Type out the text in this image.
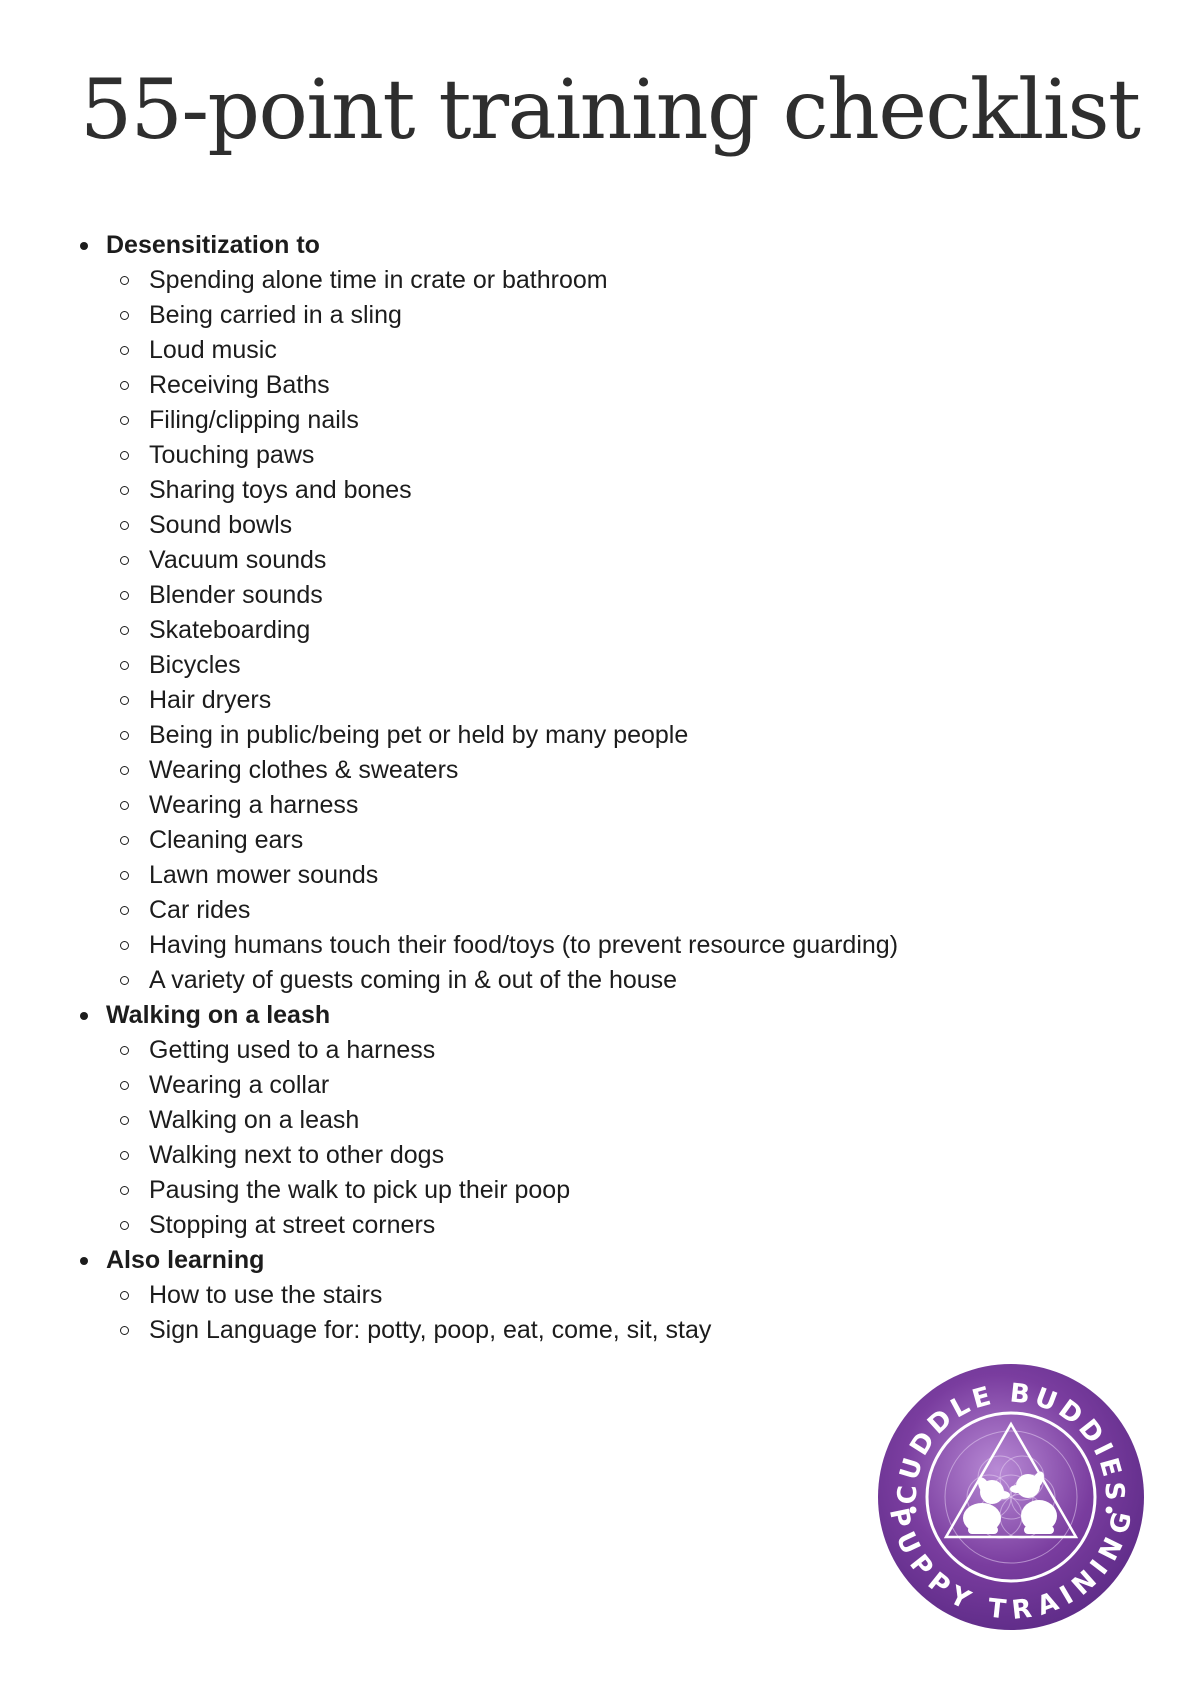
55-point training checklist
Desensitization to
Spending alone time in crate or bathroom
Being carried in a sling
Loud music
Receiving Baths
Filing/clipping nails
Touching paws
Sharing toys and bones
Sound bowls
Vacuum sounds
Blender sounds
Skateboarding
Bicycles
Hair dryers
Being in public/being pet or held by many people
Wearing clothes & sweaters
Wearing a harness
Cleaning ears
Lawn mower sounds
Car rides
Having humans touch their food/toys (to prevent resource guarding)
A variety of guests coming in & out of the house
Walking on a leash
Getting used to a harness
Wearing a collar
Walking on a leash
Walking next to other dogs
Pausing the walk to pick up their poop
Stopping at street corners
Also learning
How to use the stairs
Sign Language for: potty, poop, eat, come, sit, stay
CUDDLE BUDDIES
PUPPY TRAINING
